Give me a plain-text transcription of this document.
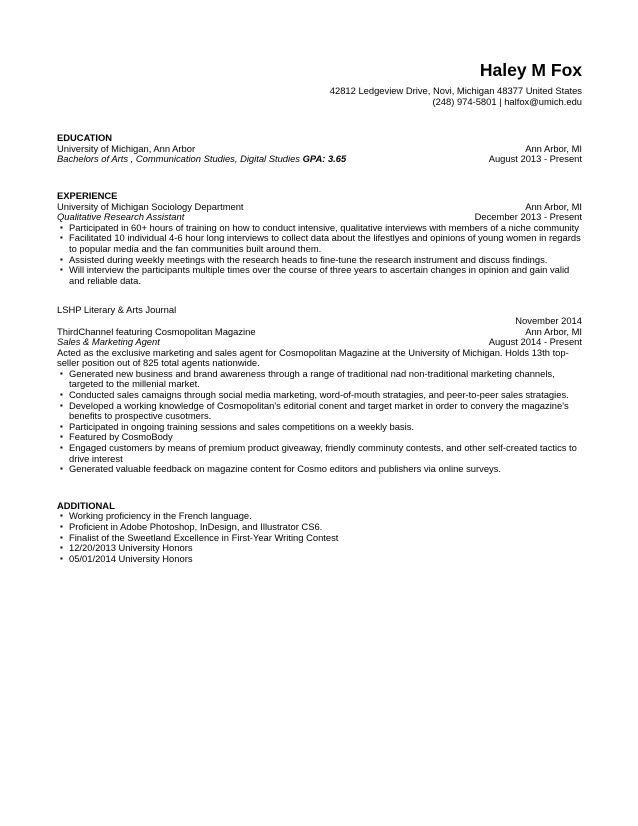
Haley M Fox
42812 Ledgeview Drive, Novi, Michigan 48377 United States
(248) 974-5801 | halfox@umich.edu
EDUCATION
University of Michigan, Ann Arbor	Ann Arbor, MI
Bachelors of Arts , Communication Studies, Digital Studies GPA: 3.65	August 2013 - Present
EXPERIENCE
University of Michigan Sociology Department	Ann Arbor, MI
Qualitative Research Assistant	December 2013 - Present
▪ Participated in 60+ hours of training on how to conduct intensive, qualitative interviews with members of a niche community
▪ Facilitated 10 individual 4-6 hour long interviews to collect data about the lifestlyes and opinions of young women in regards to popular media and the fan communities built around them.
▪ Assisted during weekly meetings with the research heads to fine-tune the research instrument and discuss findings.
▪ Will interview the participants multiple times over the course of three years to ascertain changes in opinion and gain valid and reliable data.
LSHP Literary & Arts Journal
November 2014
ThirdChannel featuring Cosmopolitan Magazine	Ann Arbor, MI
Sales & Marketing Agent	August 2014 - Present
Acted as the exclusive marketing and sales agent for Cosmopolitan Magazine at the University of Michigan. Holds 13th top-seller position out of 825 total agents nationwide.
▪ Generated new business and brand awareness through a range of traditional nad non-traditional marketing channels, targeted to the millenial market.
▪ Conducted sales camaigns through social media marketing, word-of-mouth stratagies, and peer-to-peer sales stratagies.
▪ Developed a working knowledge of Cosmopolitan's editorial conent and target market in order to convery the magazine's benefits to prospective cusotmers.
▪ Participated in ongoing training sessions and sales competitions on a weekly basis.
▪ Featured by CosmoBody
▪ Engaged customers by means of premium product giveaway, friendly comminuty contests, and other self-created tactics to drive interest
▪ Generated valuable feedback on magazine content for Cosmo editors and publishers via online surveys.
ADDITIONAL
▪ Working proficiency in the French language.
▪ Proficient in Adobe Photoshop, InDesign, and Illustrator CS6.
▪ Finalist of the Sweetland Excellence in First-Year Writing Contest
▪ 12/20/2013 University Honors
▪ 05/01/2014 University Honors
